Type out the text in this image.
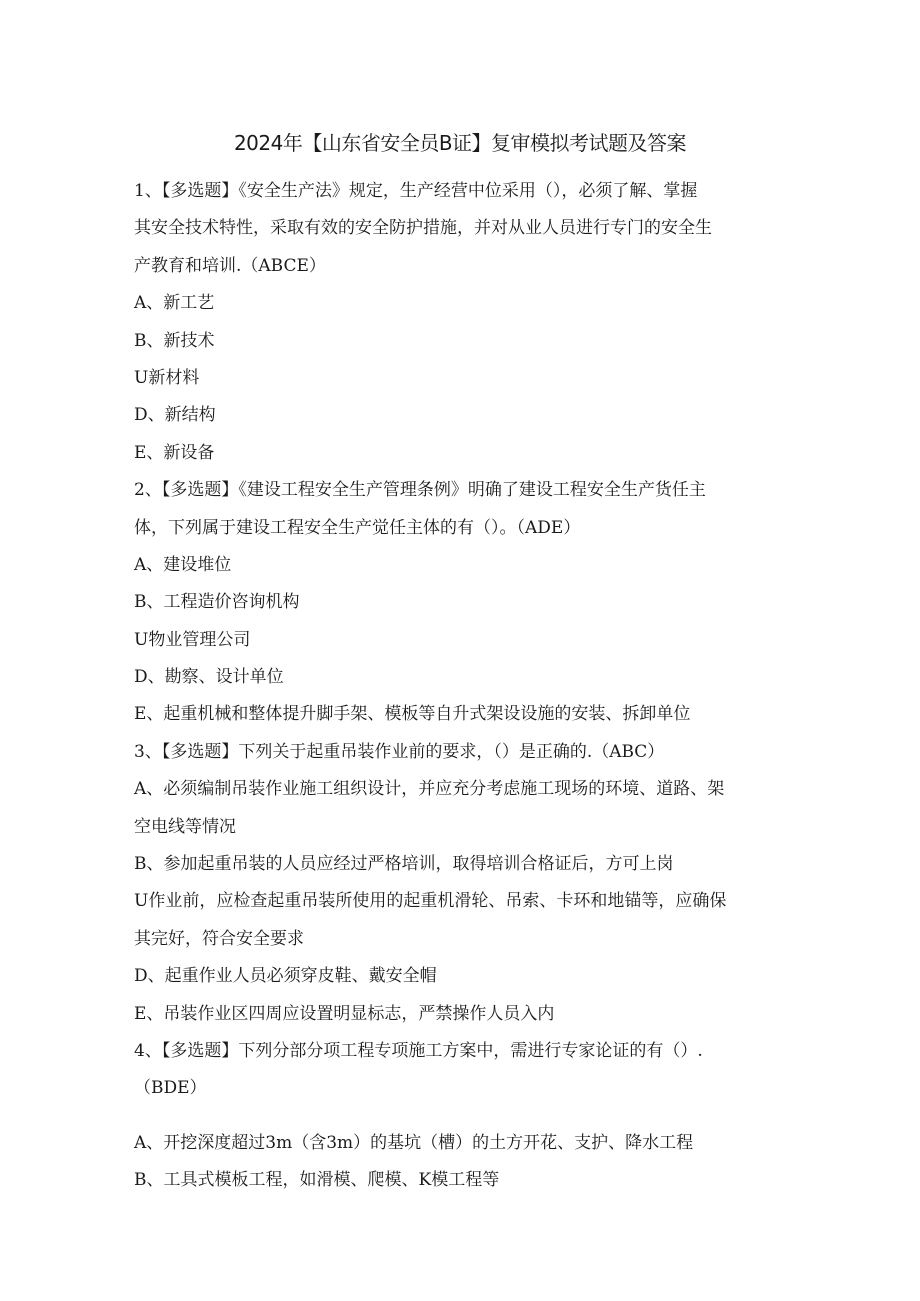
2024年【山东省安全员B证】复审模拟考试题及答案
1、【多选题】《安全生产法》规定，生产经营中位采用（），必须了解、掌握
其安全技术特性，采取有效的安全防护措施，并对从业人员进行专门的安全生
产教育和培训.（ABCE）
A、新工艺
B、新技术
U新材料
D、新结构
E、新设备
2、【多选题】《建设工程安全生产管理条例》明确了建设工程安全生产货任主
体，下列属于建设工程安全生产觉任主体的有（）。（ADE）
A、建设堆位
B、工程造价咨询机构
U物业管理公司
D、勘察、设计单位
E、起重机械和整体提升脚手架、模板等自升式架设设施的安装、拆卸单位
3、【多选题】下列关于起重吊装作业前的要求，（）是正确的.（ABC）
A、必须编制吊装作业施工组织设计，并应充分考虑施工现场的环境、道路、架
空电线等情况
B、参加起重吊装的人员应经过严格培训，取得培训合格证后，方可上岗
U作业前，应检查起重吊装所使用的起重机滑轮、吊索、卡环和地锚等，应确保
其完好，符合安全要求
D、起重作业人员必须穿皮鞋、戴安全帽
E、吊装作业区四周应设置明显标志，严禁操作人员入内
4、【多选题】下列分部分项工程专项施工方案中，需进行专家论证的有（）.
（BDE）
A、开挖深度超过3m（含3m）的基坑（槽）的土方开花、支护、降水工程
B、工具式模板工程，如滑模、爬模、K模工程等
